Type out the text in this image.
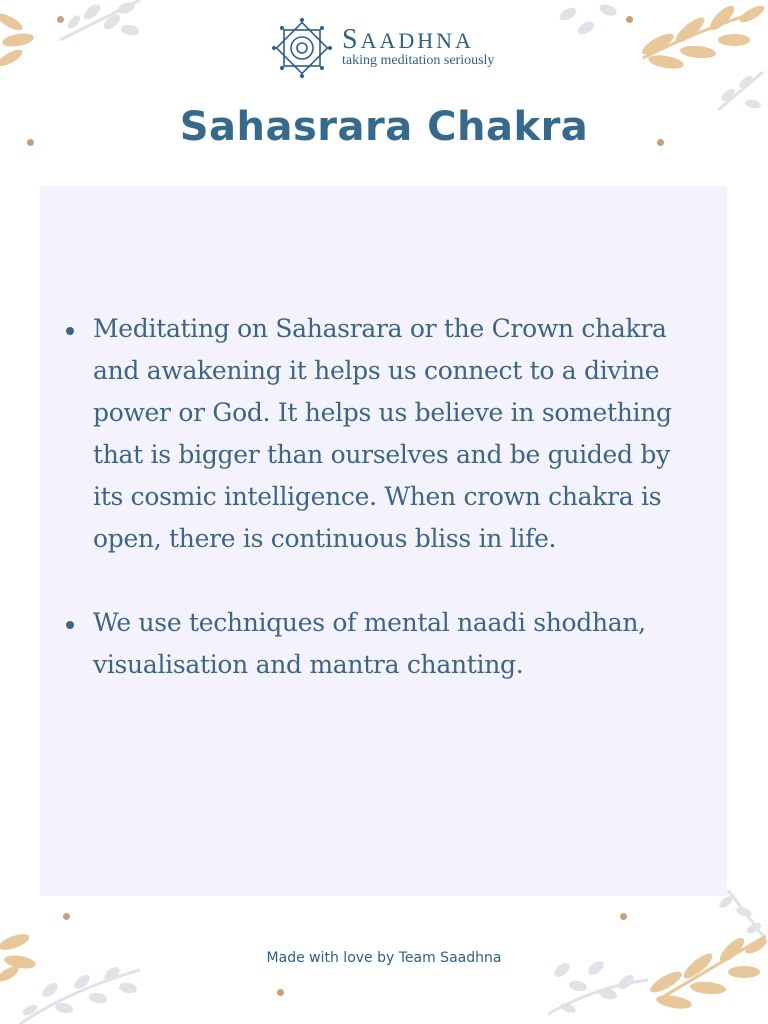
SAADHNA
taking meditation seriously
Sahasrara Chakra
Meditating on Sahasrara or the Crown chakra and awakening it helps us connect to a divine power or God. It helps us believe in something that is bigger than ourselves and be guided by its cosmic intelligence. When crown chakra is open, there is continuous bliss in life.
We use techniques of mental naadi shodhan, visualisation and mantra chanting.
Made with love by Team Saadhna
